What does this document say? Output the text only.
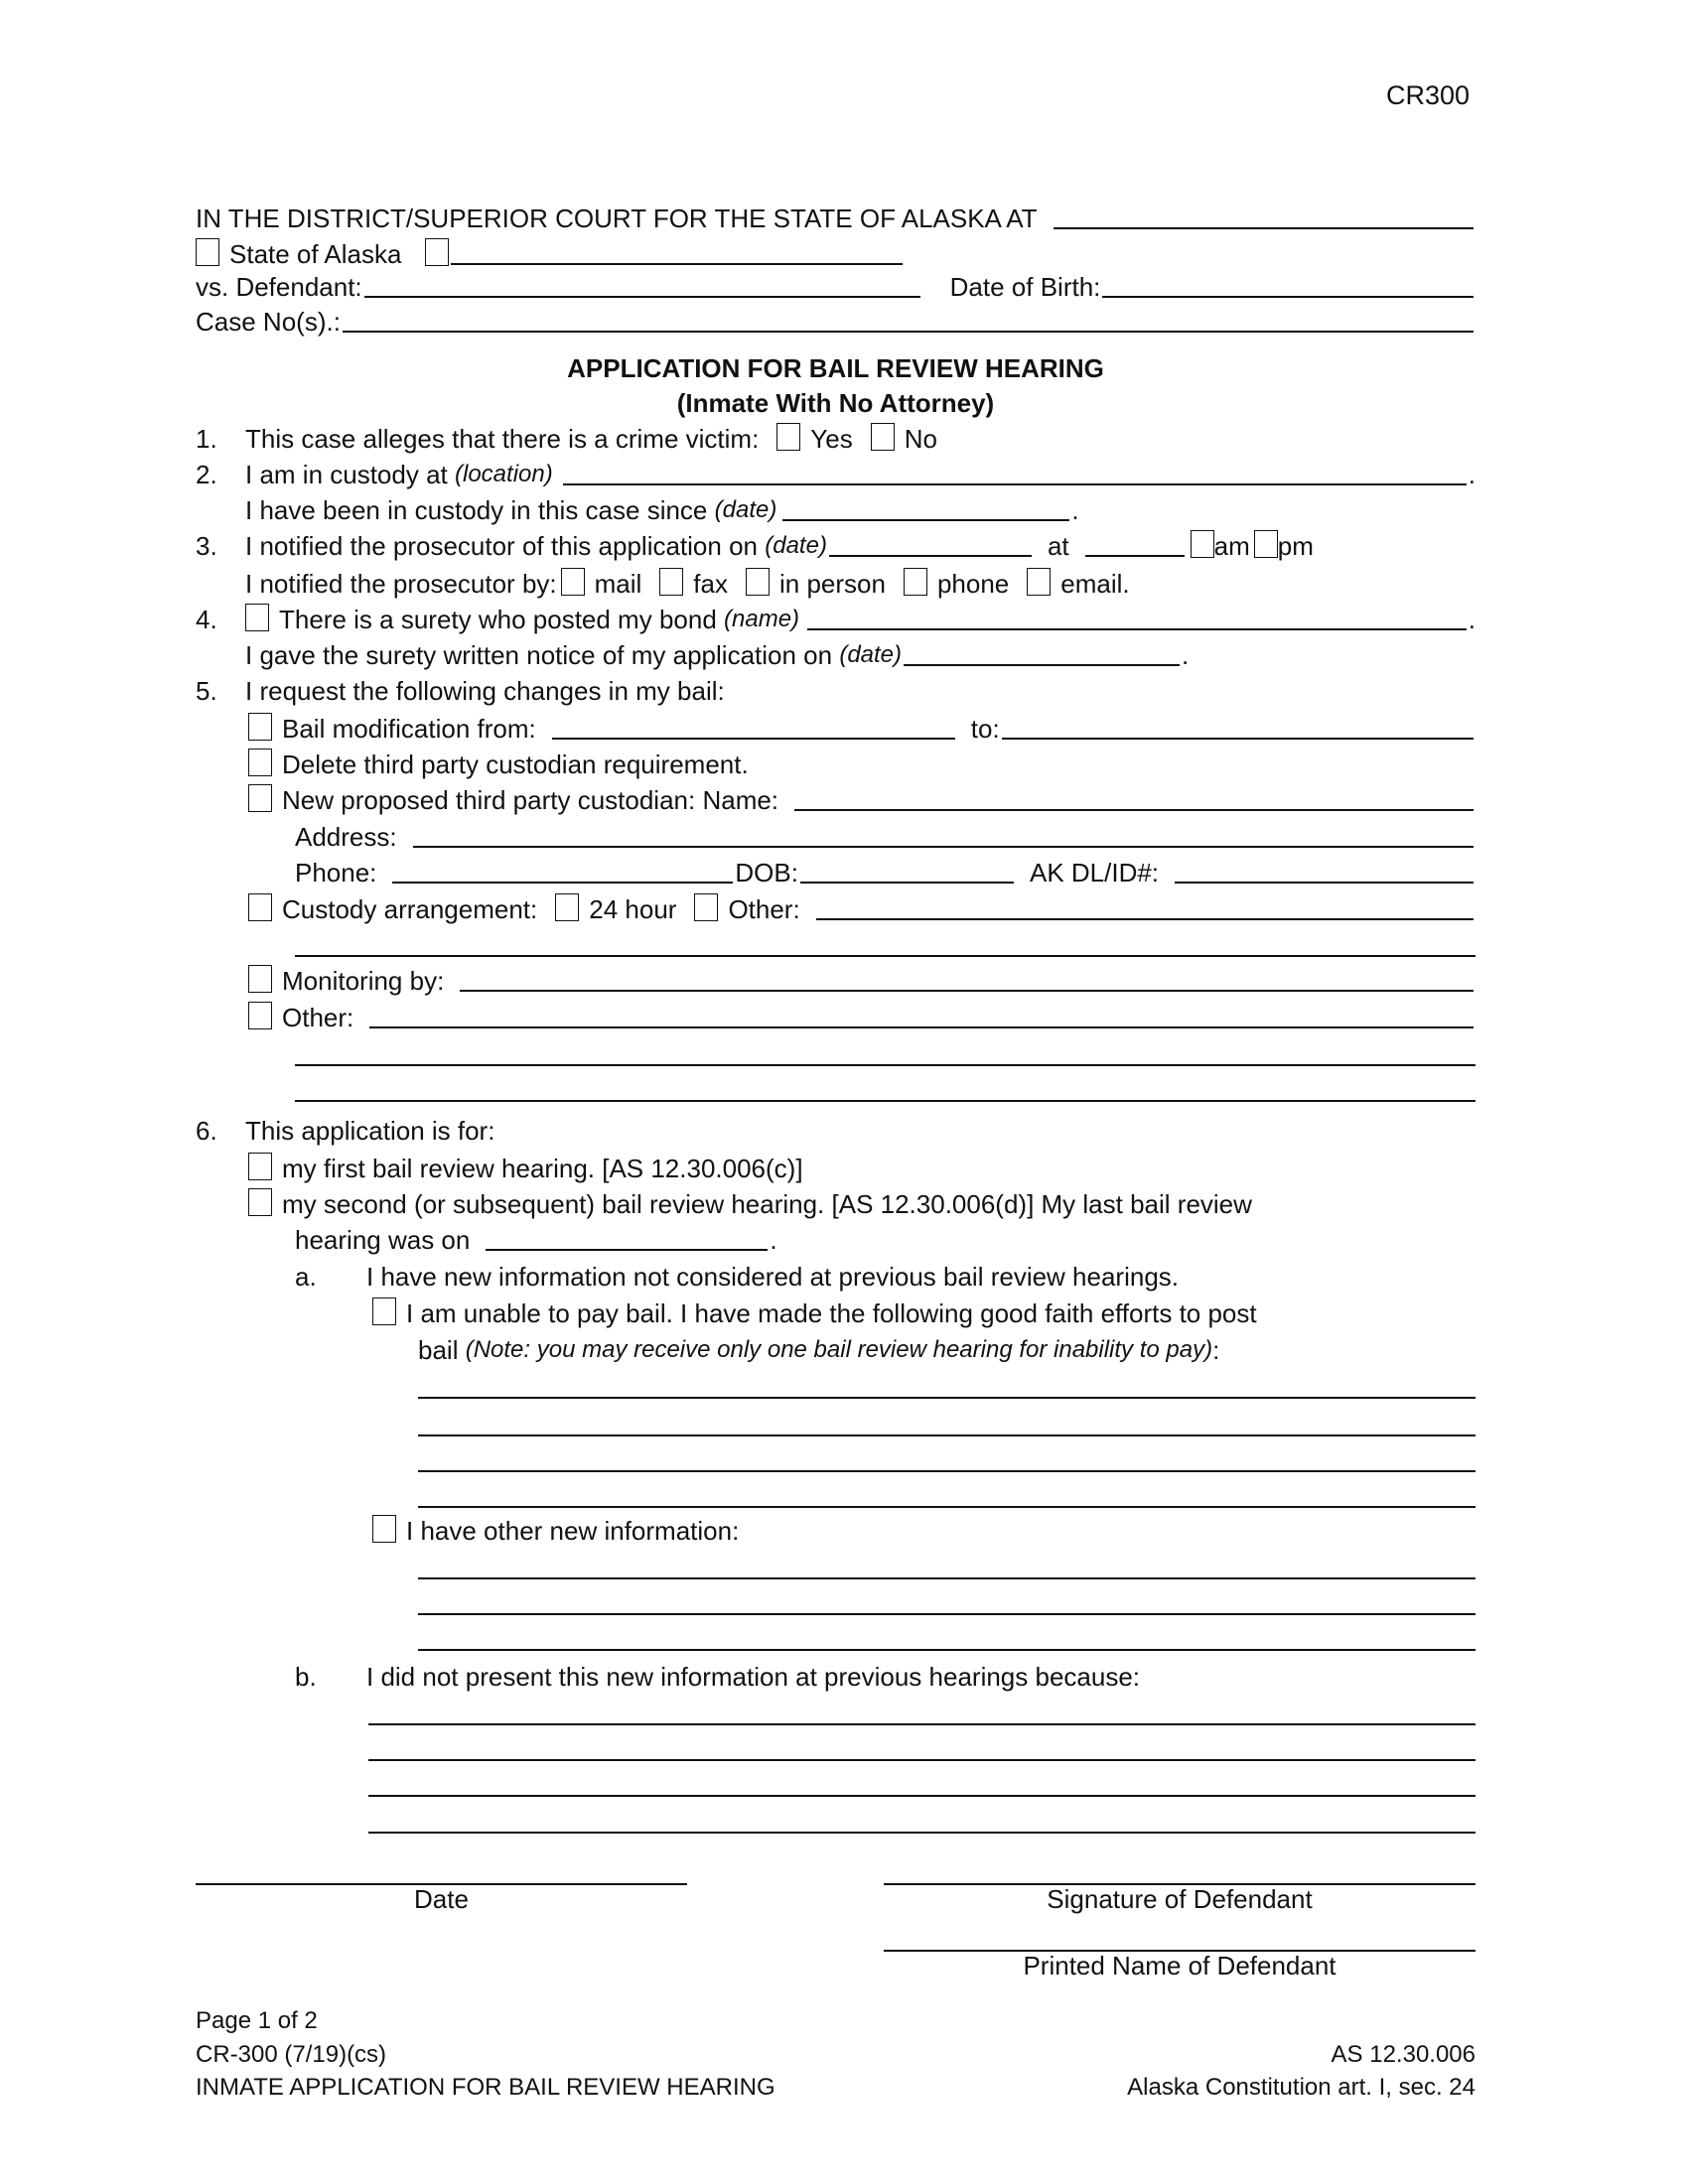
CR300
IN THE DISTRICT/SUPERIOR COURT FOR THE STATE OF ALASKA AT
State of Alaska
vs. Defendant:	Date of Birth:
Case No(s).:
APPLICATION FOR BAIL REVIEW HEARING
(Inmate With No Attorney)
1.	This case alleges that there is a crime victim: Yes No
2.	I am in custody at
(location)	.
I have been in custody in this case since
(date)	.
3.	I notified the prosecutor of this application on
(date)	at	am pm
I notified the prosecutor by: mail fax in person phone email.
4.	There is a surety who posted my bond
(name)	.
I gave the surety written notice of my application on
(date)	.
5.	I request the following changes in my bail:
Bail modification from:	to:
Delete third party custodian requirement.
New proposed third party custodian: Name:
Address:
Phone:	DOB:	AK DL/ID#:
Custody arrangement: 24 hour Other:
Monitoring by:
Other:
6.	This application is for:
my first bail review hearing. [AS 12.30.006(c)]
my second (or subsequent) bail review hearing. [AS 12.30.006(d)] My last bail review
hearing was on	.
a.	I have new information not considered at previous bail review hearings.
I am unable to pay bail. I have made the following good faith efforts to post
bail
(Note: you may receive only one bail review hearing for inability to pay) :
I have other new information:
b.	I did not present this new information at previous hearings because:
Date	Signature of Defendant
Printed Name of Defendant
Page 1 of 2
CR-300 (7/19)(cs)
INMATE APPLICATION FOR BAIL REVIEW HEARING
AS 12.30.006
Alaska Constitution art. I, sec. 24
